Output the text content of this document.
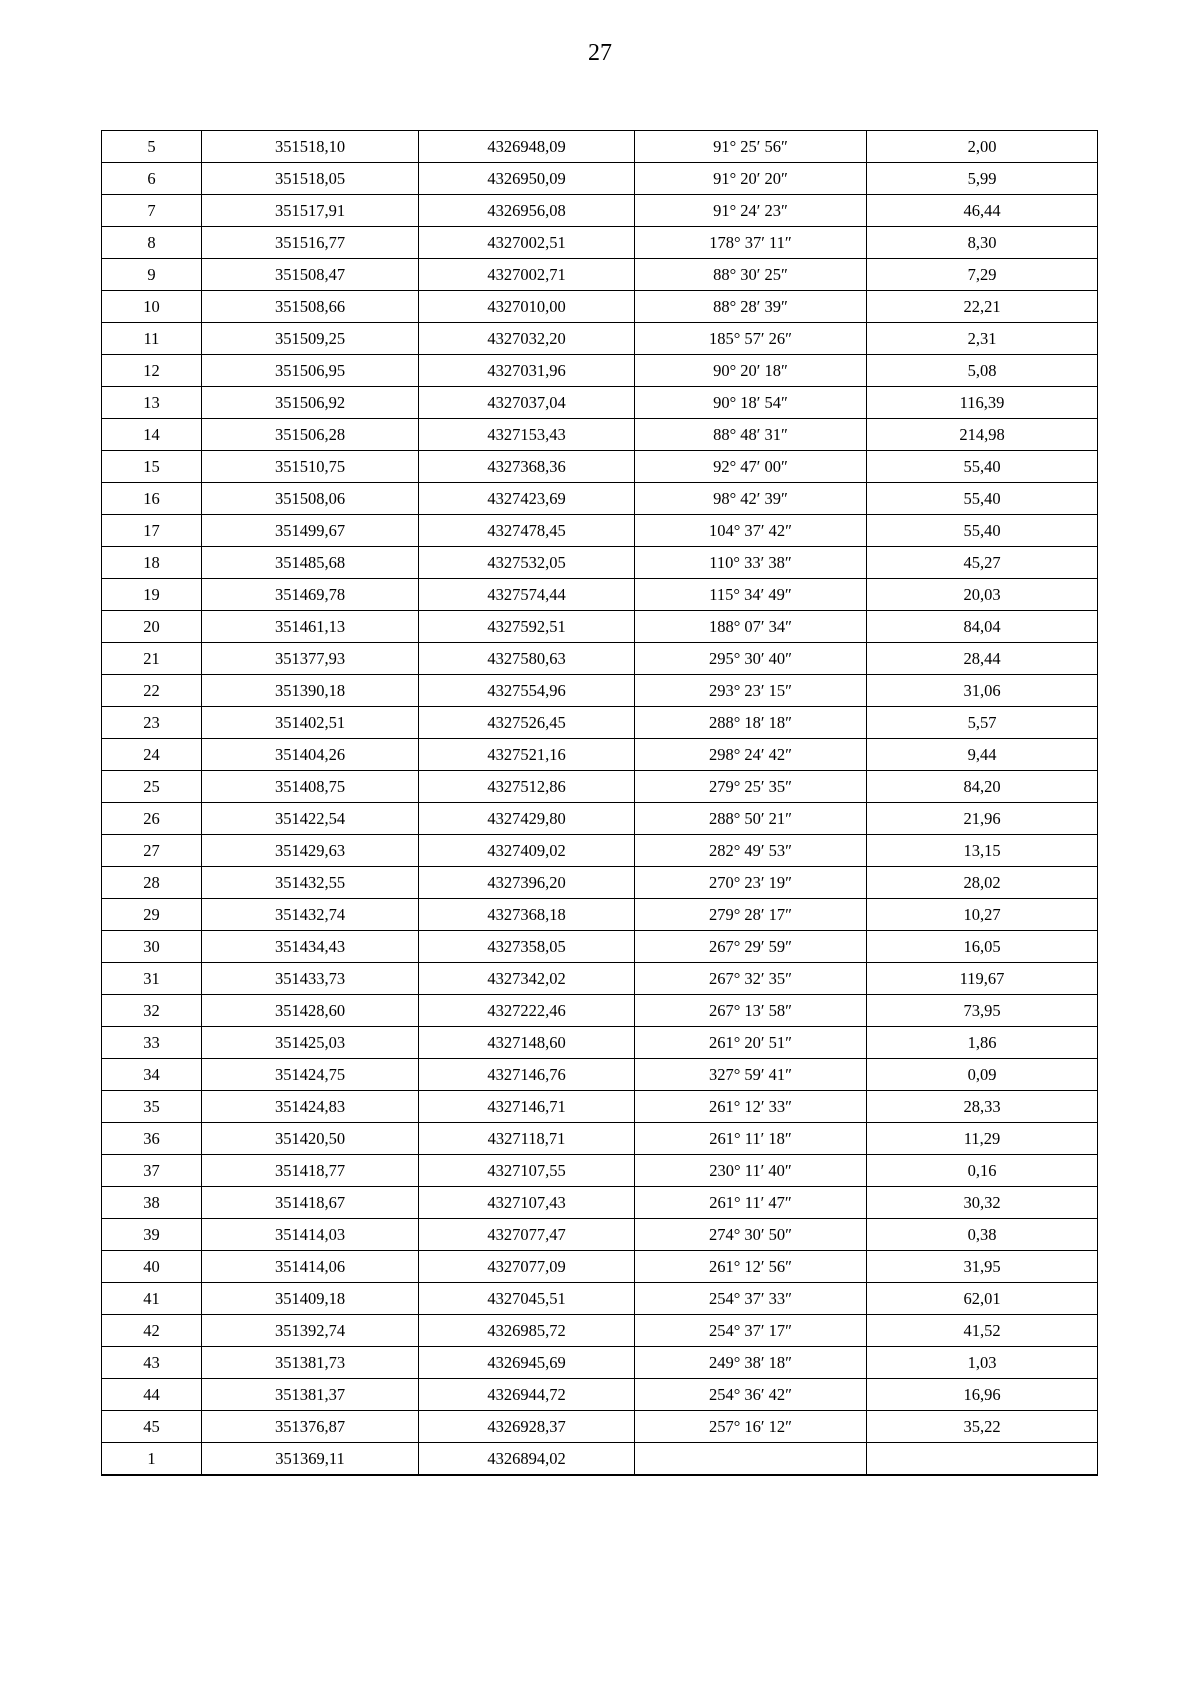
27
5	351518,10	4326948,09	91° 25′ 56″	2,00
6	351518,05	4326950,09	91° 20′ 20″	5,99
7	351517,91	4326956,08	91° 24′ 23″	46,44
8	351516,77	4327002,51	178° 37′ 11″	8,30
9	351508,47	4327002,71	88° 30′ 25″	7,29
10	351508,66	4327010,00	88° 28′ 39″	22,21
11	351509,25	4327032,20	185° 57′ 26″	2,31
12	351506,95	4327031,96	90° 20′ 18″	5,08
13	351506,92	4327037,04	90° 18′ 54″	116,39
14	351506,28	4327153,43	88° 48′ 31″	214,98
15	351510,75	4327368,36	92° 47′ 00″	55,40
16	351508,06	4327423,69	98° 42′ 39″	55,40
17	351499,67	4327478,45	104° 37′ 42″	55,40
18	351485,68	4327532,05	110° 33′ 38″	45,27
19	351469,78	4327574,44	115° 34′ 49″	20,03
20	351461,13	4327592,51	188° 07′ 34″	84,04
21	351377,93	4327580,63	295° 30′ 40″	28,44
22	351390,18	4327554,96	293° 23′ 15″	31,06
23	351402,51	4327526,45	288° 18′ 18″	5,57
24	351404,26	4327521,16	298° 24′ 42″	9,44
25	351408,75	4327512,86	279° 25′ 35″	84,20
26	351422,54	4327429,80	288° 50′ 21″	21,96
27	351429,63	4327409,02	282° 49′ 53″	13,15
28	351432,55	4327396,20	270° 23′ 19″	28,02
29	351432,74	4327368,18	279° 28′ 17″	10,27
30	351434,43	4327358,05	267° 29′ 59″	16,05
31	351433,73	4327342,02	267° 32′ 35″	119,67
32	351428,60	4327222,46	267° 13′ 58″	73,95
33	351425,03	4327148,60	261° 20′ 51″	1,86
34	351424,75	4327146,76	327° 59′ 41″	0,09
35	351424,83	4327146,71	261° 12′ 33″	28,33
36	351420,50	4327118,71	261° 11′ 18″	11,29
37	351418,77	4327107,55	230° 11′ 40″	0,16
38	351418,67	4327107,43	261° 11′ 47″	30,32
39	351414,03	4327077,47	274° 30′ 50″	0,38
40	351414,06	4327077,09	261° 12′ 56″	31,95
41	351409,18	4327045,51	254° 37′ 33″	62,01
42	351392,74	4326985,72	254° 37′ 17″	41,52
43	351381,73	4326945,69	249° 38′ 18″	1,03
44	351381,37	4326944,72	254° 36′ 42″	16,96
45	351376,87	4326928,37	257° 16′ 12″	35,22
1	351369,11	4326894,02		
